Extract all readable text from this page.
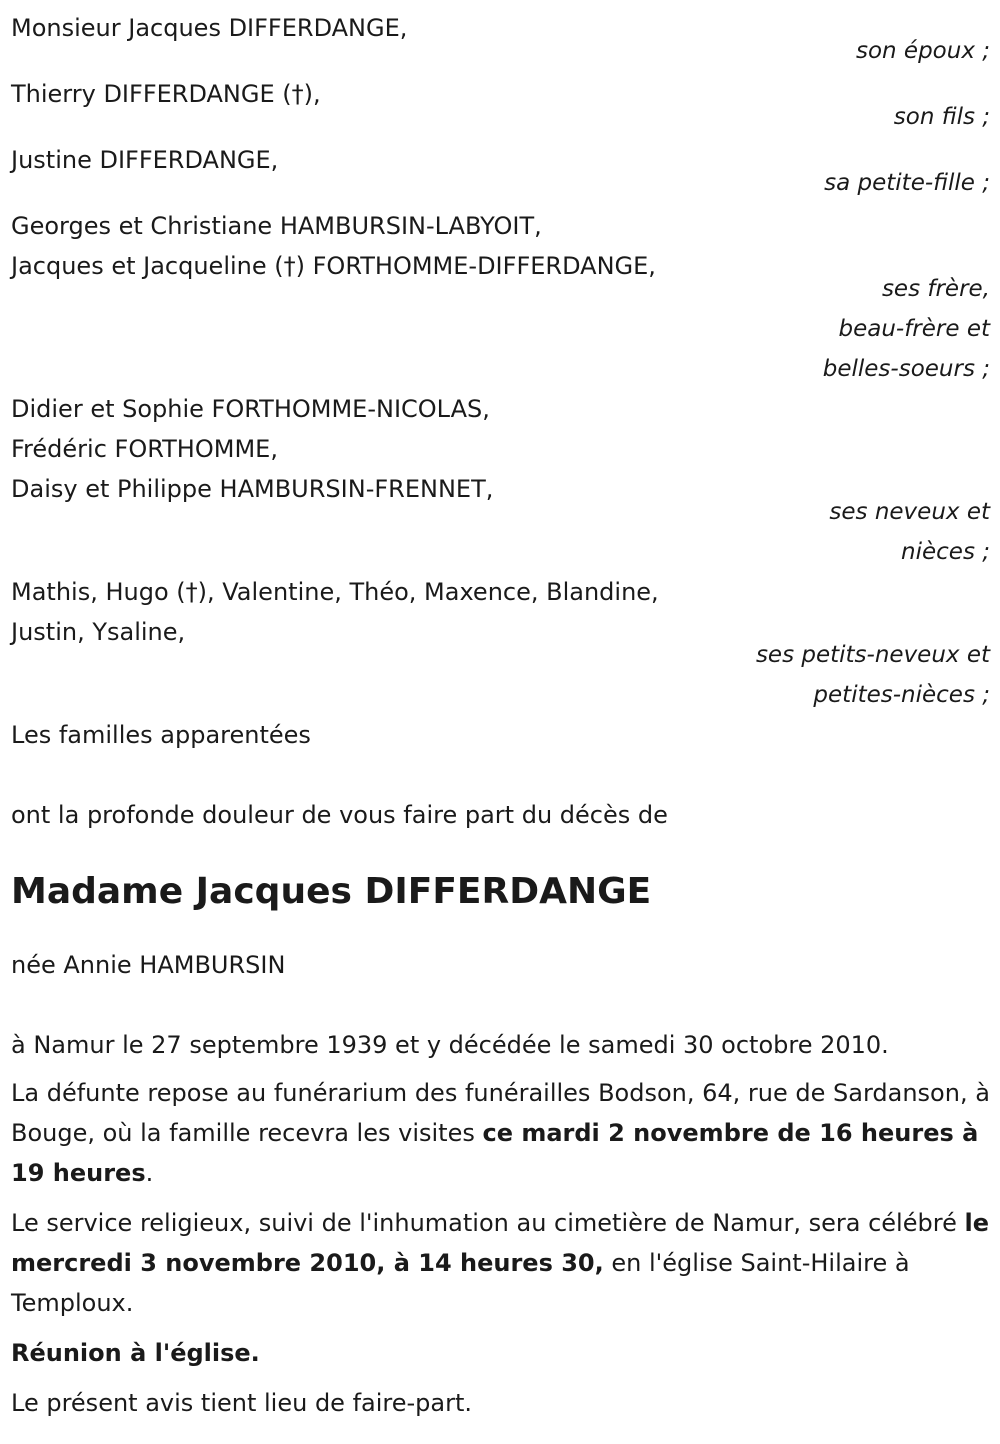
Monsieur Jacques DIFFERDANGE,
son époux ;
Thierry DIFFERDANGE (†),
son fils ;
Justine DIFFERDANGE,
sa petite-fille ;
Georges et Christiane HAMBURSIN-LABYOIT,
Jacques et Jacqueline (†) FORTHOMME-DIFFERDANGE,
ses frère,
beau-frère et
belles-soeurs ;
Didier et Sophie FORTHOMME-NICOLAS,
Frédéric FORTHOMME,
Daisy et Philippe HAMBURSIN-FRENNET,
ses neveux et
nièces ;
Mathis, Hugo (†), Valentine, Théo, Maxence, Blandine,
Justin, Ysaline,
ses petits-neveux et
petites-nièces ;
Les familles apparentées
ont la profonde douleur de vous faire part du décès de
Madame Jacques DIFFERDANGE
née Annie HAMBURSIN
à Namur le 27 septembre 1939 et y décédée le samedi 30 octobre 2010.
La défunte repose au funérarium des funérailles Bodson, 64, rue de Sardanson, à Bouge, où la famille recevra les visites ce mardi 2 novembre de 16 heures à 19 heures.
Le service religieux, suivi de l'inhumation au cimetière de Namur, sera célébré le mercredi 3 novembre 2010, à 14 heures 30, en l'église Saint-Hilaire à Temploux.
Réunion à l'église.
Le présent avis tient lieu de faire-part.
